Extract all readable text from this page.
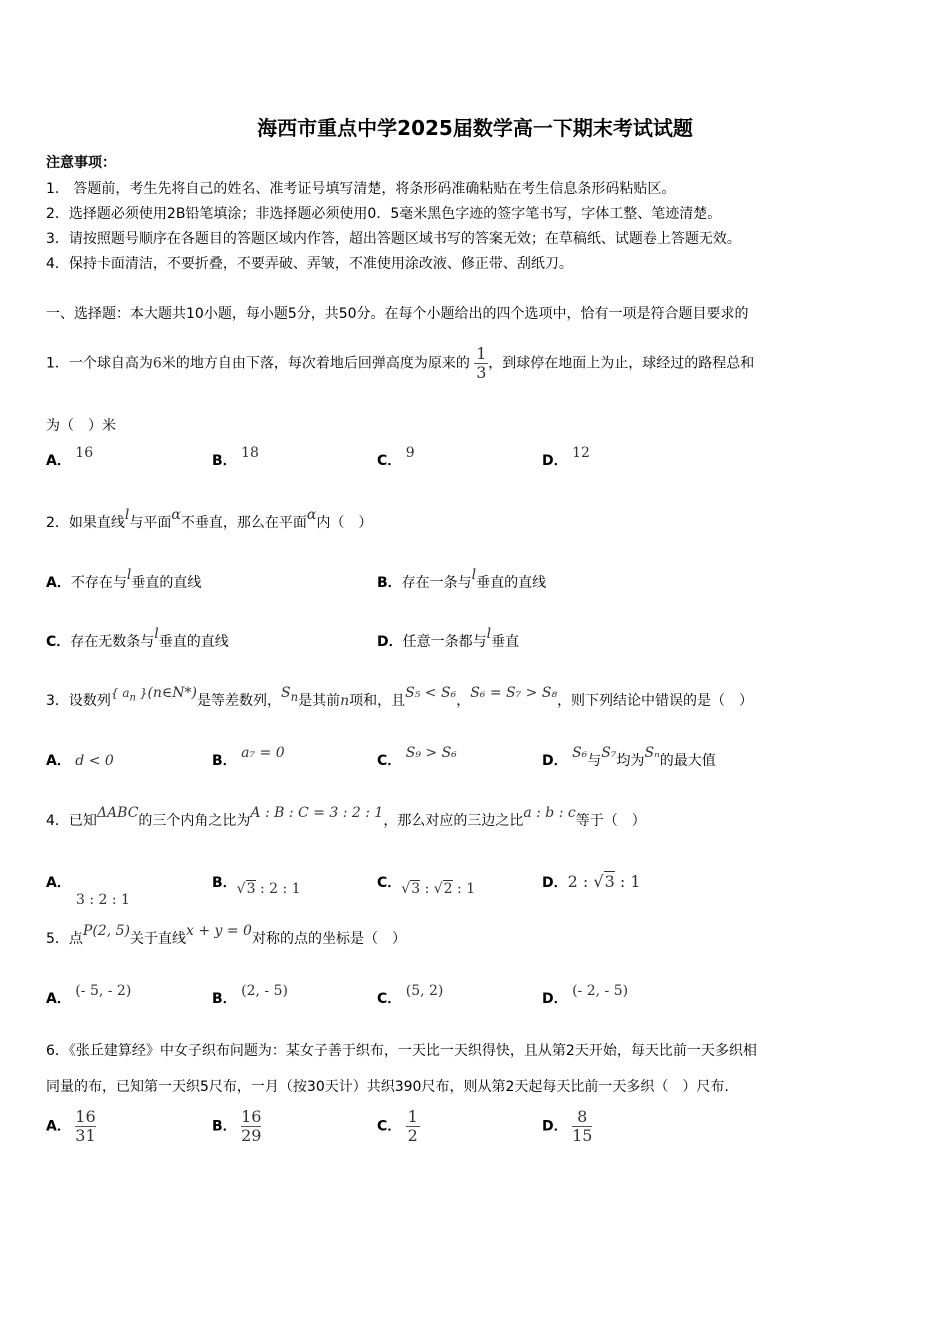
海西市重点中学2025届数学高一下期末考试试题
注意事项：
1.　答题前，考生先将自己的姓名、准考证号填写清楚，将条形码准确粘贴在考生信息条形码粘贴区。
2．选择题必须使用2B铅笔填涂；非选择题必须使用0．5毫米黑色字迹的签字笔书写，字体工整、笔迹清楚。
3．请按照题号顺序在各题目的答题区域内作答，超出答题区域书写的答案无效；在草稿纸、试题卷上答题无效。
4．保持卡面清洁，不要折叠，不要弄破、弄皱，不准使用涂改液、修正带、刮纸刀。
一、选择题：本大题共10小题，每小题5分，共50分。在每个小题给出的四个选项中，恰有一项是符合题目要求的
1．一个球自高为6米的地方自由下落，每次着地后回弹高度为原来的 $\frac{1}{3}$ ，到球停在地面上为止，球经过的路程总和
为（　）米
A． 16	B． 18	C． 9	D． 12
2．如果直线l与平面α不垂直，那么在平面α内（　）
A．不存在与l垂直的直线	B．存在一条与l垂直的直线
C．存在无数条与l垂直的直线	D．任意一条都与l垂直
3．设数列{ $a_n$ }(n∈N*)是等差数列，$S_n$是其前n项和，且S₅ < S₆，S₆ = S₇ > S₈，则下列结论中错误的是（　）
A． d < 0	B． a₇ = 0	C． S₉ > S₆	D． S₆与S₇均为Sₙ的最大值
4．已知ΔABC的三个内角之比为A : B : C = 3 : 2 : 1，那么对应的三边之比a : b : c等于（　）
A．
3 : 2 : 1
B．√3 : 2 : 1	C．√3 : √2 : 1	D．2 : √3 : 1
5．点P(2, 5)关于直线x + y = 0对称的点的坐标是（　）
A． (- 5, - 2)	B． (2, - 5)	C． (5, 2)	D． (- 2, - 5)
6．《张丘建算经》中女子织布问题为：某女子善于织布，一天比一天织得快，且从第2天开始，每天比前一天多织相
同量的布，已知第一天织5尺布，一月（按30天计）共织390尺布，则从第2天起每天比前一天多织（　）尺布.
A． $\frac{16}{31}$	B． $\frac{16}{29}$	C． $\frac{1}{2}$	D． $\frac{8}{15}$
